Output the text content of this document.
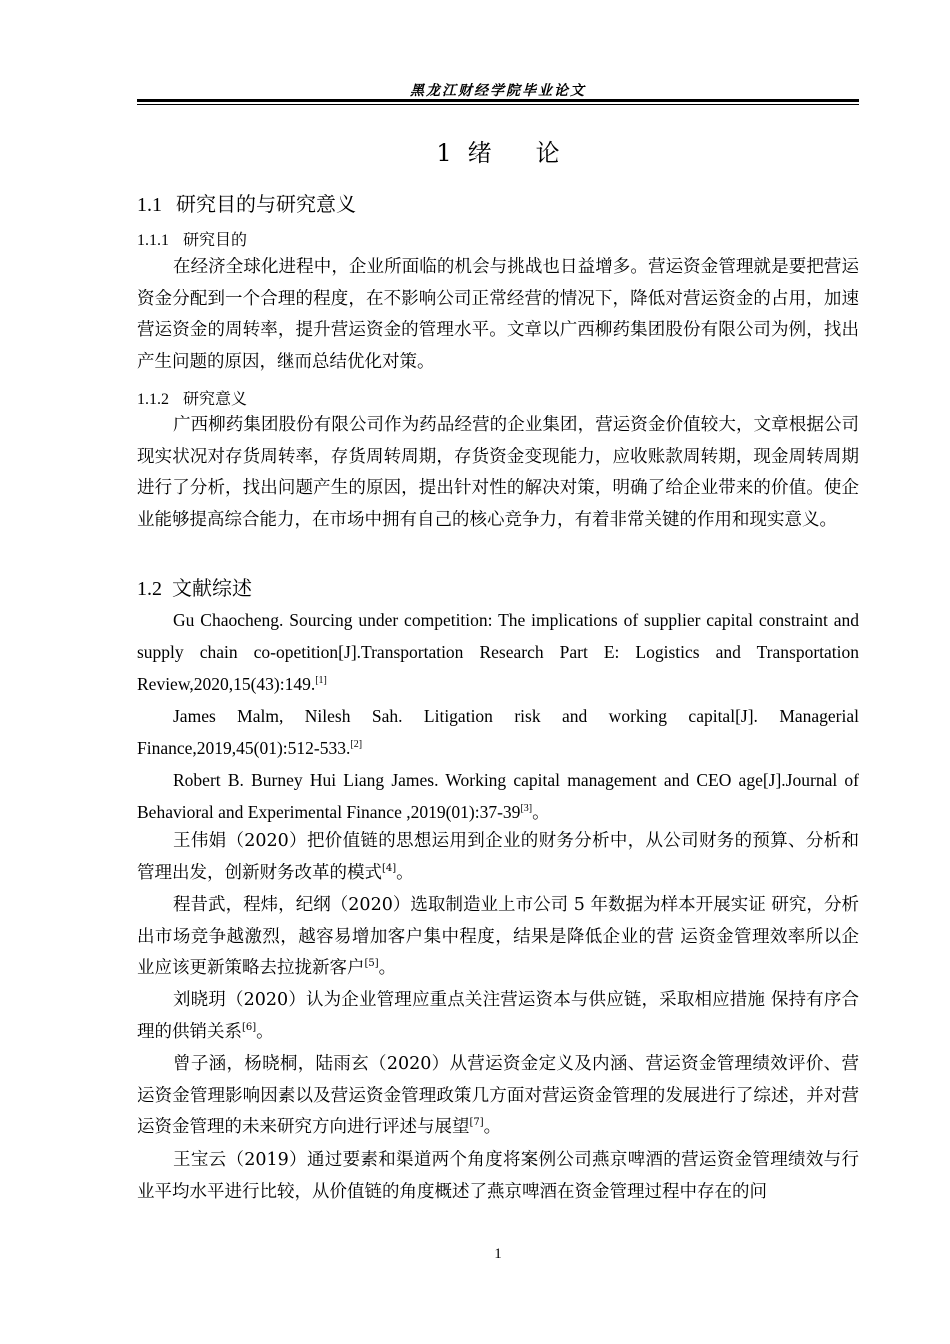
黑龙江财经学院毕业论文
1 绪 论
1.1 研究目的与研究意义
1.1.1 研究目的
在经济全球化进程中，企业所面临的机会与挑战也日益增多。营运资金管理就是要把营运资金分配到一个合理的程度，在不影响公司正常经营的情况下，降低对营运资金的占用，加速营运资金的周转率，提升营运资金的管理水平。文章以广西柳药集团股份有限公司为例，找出产生问题的原因，继而总结优化对策。
1.1.2 研究意义
广西柳药集团股份有限公司作为药品经营的企业集团，营运资金价值较大，文章根据公司现实状况对存货周转率，存货周转周期，存货资金变现能力，应收账款周转期，现金周转周期进行了分析，找出问题产生的原因，提出针对性的解决对策，明确了给企业带来的价值。使企业能够提高综合能力，在市场中拥有自己的核心竞争力，有着非常关键的作用和现实意义。
1.2 文献综述
Gu Chaocheng. Sourcing under competition: The implications of supplier capital constraint and supply chain co-opetition[J].Transportation Research Part E: Logistics and Transportation Review,2020,15(43):149.[1]
James Malm, Nilesh Sah. Litigation risk and working capital[J]. Managerial Finance,2019,45(01):512-533.[2]
Robert B. Burney Hui Liang James. Working capital management and CEO age[J].Journal of Behavioral and Experimental Finance ,2019(01):37-39[3]。
王伟娟（2020）把价值链的思想运用到企业的财务分析中，从公司财务的预算、分析和管理出发，创新财务改革的模式[4]。
程昔武，程炜，纪纲（2020）选取制造业上市公司 5 年数据为样本开展实证 研究，分析出市场竞争越激烈，越容易增加客户集中程度，结果是降低企业的营 运资金管理效率所以企业应该更新策略去拉拢新客户[5]。
刘晓玥（2020）认为企业管理应重点关注营运资本与供应链，采取相应措施 保持有序合理的供销关系[6]。
曾子涵，杨晓桐，陆雨玄（2020）从营运资金定义及内涵、营运资金管理绩效评价、营运资金管理影响因素以及营运资金管理政策几方面对营运资金管理的发展进行了综述，并对营运资金管理的未来研究方向进行评述与展望[7]。
王宝云（2019）通过要素和渠道两个角度将案例公司燕京啤酒的营运资金管理绩效与行业平均水平进行比较，从价值链的角度概述了燕京啤酒在资金管理过程中存在的问
1
